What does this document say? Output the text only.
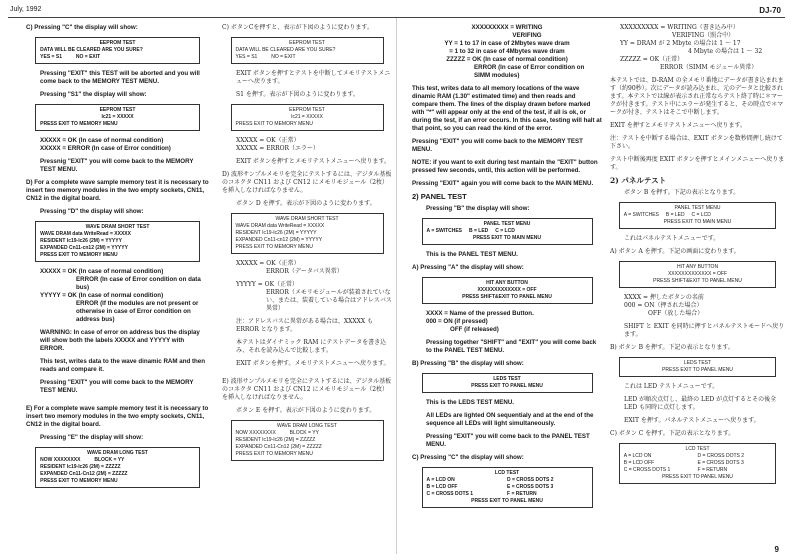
July, 1992	DJ-70
9

C) Pressing "C" the display will show:

EEPROM TEST
DATA WILL BE CLEARED ARE YOU SURE?
YES = S1          NO = EXIT

Pressing "EXIT" this TEST will be aborted and you will come back to the MEMORY TEST MENU.

Pressing "S1" the display will show:

EEPROM TEST
Ic21 = XXXXX
PRESS EXIT TO MEMORY MENU

XXXXX = OK (In case of normal condition)

XXXXX = ERROR (In case of Error condition)

Pressnig "EXIT" you will come back to the MEMORY TEST MENU.

D) For a complete wave sample memory test it is necessary to insert two memory modules in the two empty sockets, CN11, CN12 in the digital board.

Pressing "D" the display will show:

WAVE DRAM SHORT TEST
WAVE DRAM data WriteRead = XXXXX
RESIDENT Ic19-Ic26 (2M) = YYYYY
EXPANDED Cn11-cn12 (2M) = YYYYY
PRESS EXIT TO MEMORY MENU

XXXXX = OK (In case of normal condition)

ERROR (In case of Error condition on data bus)

YYYYY = OK (In case of normal condition)

ERROR (If the modules are not present or otherwise in case of Error condition on address bus)

WARNING: In case of error on address bus the display will show both the labels XXXXX and YYYYY with ERROR.

This test, writes data to the wave dinamic RAM and then reads and compare it.

Pressing "EXIT" you will come back to the MEMORY TEST MENU.

E) For a complete wave sample memory test it is necessary to insert two memory modules in the two empty sockets, CN11, CN12 in the digital board.

Pressing "E" the display will show:

WAVE DRAM LONG TEST
NOW XXXXXXXX          BLOCK = YY
RESIDENT Ic19-Ic26 (2M) = ZZZZZ
EXPANDED Cn11-Cn12 (2M) = ZZZZZ
PRESS EXIT TO MEMORY MENU

C) ボタンCを押すと、表示が下図のように変わります。

EEPROM TEST
DATA WILL BE CLEARED ARE YOU SURE?
YES = S1          NO = EXIT

EXIT ボタンを押すとテストを中断してメモリテストメニューへ戻ります。

S1 を押す。表示が下図のように変わります。

EEPROM TEST
Ic21 = XXXXX
PRESS EXIT TO MEMORY MENU

XXXXX = OK（正常）

XXXXX = ERROR（エラー）

EXIT ボタンを押すとメモリテストメニューへ戻ります。

D) 波形サンプルメモリを完全にテストするには、デジタル基板のコネクタ CN11 および CN12 にメモリモジュール（2枚）を挿入しなければなりません。

ボタン D を押す。表示が下図のように変わります。

WAVE DRAM SHORT TEST
WAVE DRAM data WriteRead = XXXXX
RESIDENT Ic19-Ic26 (2M) = YYYYY
EXPANDED Cn11-cn12 (2M) = YYYYY
PRESS EXIT TO MEMORY MENU

XXXXX = OK（正常）

ERROR（データバス異常）

YYYYY = OK（正常）

ERROR（メモリモジュールが装着されていない、または、装着している場合はアドレスバス異常）

注：アドレスバスに異常がある場合は、XXXXX も ERROR となります。

本テストはダイナミック RAM にテストデータを書き込み、それを読み込んで比較します。

EXIT ボタンを押す。メモリテストメニューへ戻ります。

E) 波形サンプルメモリを完全にテストするには、デジタル基板のコネクタ CN11 および CN12 にメモリモジュール（2枚）を挿入しなければなりません。

ボタン E を押す。表示が下図のように変わります。

WAVE DRAM LONG TEST
NOW XXXXXXXX          BLOCK = YY
RESIDENT Ic19-Ic26 (2M) = ZZZZZ
EXPANDED Cn11-Cn12 (2M) = ZZZZZ
PRESS EXIT TO MEMORY MENU

XXXXXXXXX = WRITING

VERIFING

YY = 1 to 17 in case of 2Mbytes wave dram

= 1 to 32 in case of 4Mbytes wave dram

ZZZZZ = OK (In case of normal condition)

ERROR (In case of Error condition on SIMM modules)

This test, writes data to all memory locations of the wave dinamic RAM (1.30" estimated time) and then reads and compare them. The lines of the display drawn before marked with "*" will appear only at the end of the test, if all is ok, or during the test, if an error occurs. In this case, testing will halt at that point, so you can read the kind of the error.

Pressing "EXIT" you will come back to the MEMORY TEST MENU.

NOTE: if you want to exit during test mantain the "EXIT" button pressed few seconds, until, this action will be performed.

Pressing "EXIT" again you will come back to the MAIN MENU.

2) PANEL TEST

Pressing "B" the display will show:

PANEL TEST MENU
A = SWITCHES     B = LED     C = LCD
PRESS EXIT TO MAIN MENU

This is the PANEL TEST MENU.

A) Pressing "A" the display will show:

HIT ANY BUTTON
XXXXXXXXXXXXX = OFF
PRESS SHIFT&EXIT TO PANEL MENU

XXXX = Name of the pressed Button.

000 = ON (if pressed)

OFF (if released)

Pressing together "SHIFT" and "EXIT" you will come back to the PANEL TEST MENU.

B) Pressing "B" the display will show:

LEDS TEST
PRESS EXIT TO PANEL MENU

This is the LEDS TEST MENU.

All LEDs are lighted ON sequentialy and at the end of the sequence all LEDs will light simultaneously.

Pressing "EXIT" you will come back to the PANEL TEST MENU.

C) Pressing "C" the display will show:

LCD TEST
A = LCD ON	D = CROSS DOTS 2
B = LCD OFF	E = CROSS DOTS 3
C = CROSS DOTS 1	F = RETURN
PRESS EXIT TO PANEL MENU

XXXXXXXXX = WRITING（書き込み中）

VERIFING（照合中）

YY = DRAM が 2 Mbyte の場合は 1 ～ 17

4 Mbyte の場合は 1 ～ 32

ZZZZZ = OK（正常）

ERROR（SIMM モジュール異常）

本テストでは、D-RAM の全メモリ番地にデータが書き込まれます（約90秒）。次にデータが読み込まれ、元のデータと比較されます。本テストでは線が表示され正常ならテスト終了時に＊マークが付きます。テスト中にエラーが発生すると、その時点で＊マークが付き、テストはそこで中断します。

EXIT を押すとメモリテストメニューへ戻ります。

注：テストを中断する場合は、EXIT ボタンを数秒間押し続けて下さい。

テスト中断後再度 EXIT ボタンを押すとメインメニューへ戻ります。

2) パネルテスト

ボタン B を押す。下記の表示となります。

PANEL TEST MENU
A = SWITCHES     B = LED     C = LCD
PRESS EXIT TO MAIN MENU

これはパネルテストメニューです。

A) ボタン A を押す。下記の画面に変わります。

HIT ANY BUTTON
XXXXXXXXXXXXX = OFF
PRESS SHIFT&EXIT TO PANEL MENU

XXXX = 押したボタンの名前

000 = ON（押された場合）

OFF（放した場合）

SHIFT と EXIT を同時に押すとパネルテストモードへ戻ります。

B) ボタン B を押す。下記の表示となります。

LEDS TEST
PRESS EXIT TO PANEL MENU

これは LED テストメニューです。

LED が順次点灯し、最終の LED が点灯するとその後全 LED も同時に点灯します。

EXIT を押す。パネルテストメニューへ戻ります。

C) ボタン C を押す。下記の表示となります。

LCD TEST
A = LCD ON	D = CROSS DOTS 2
B = LCD OFF	E = CROSS DOTS 3
C = CROSS DOTS 1	F = RETURN
PRESS EXIT TO PANEL MENU
